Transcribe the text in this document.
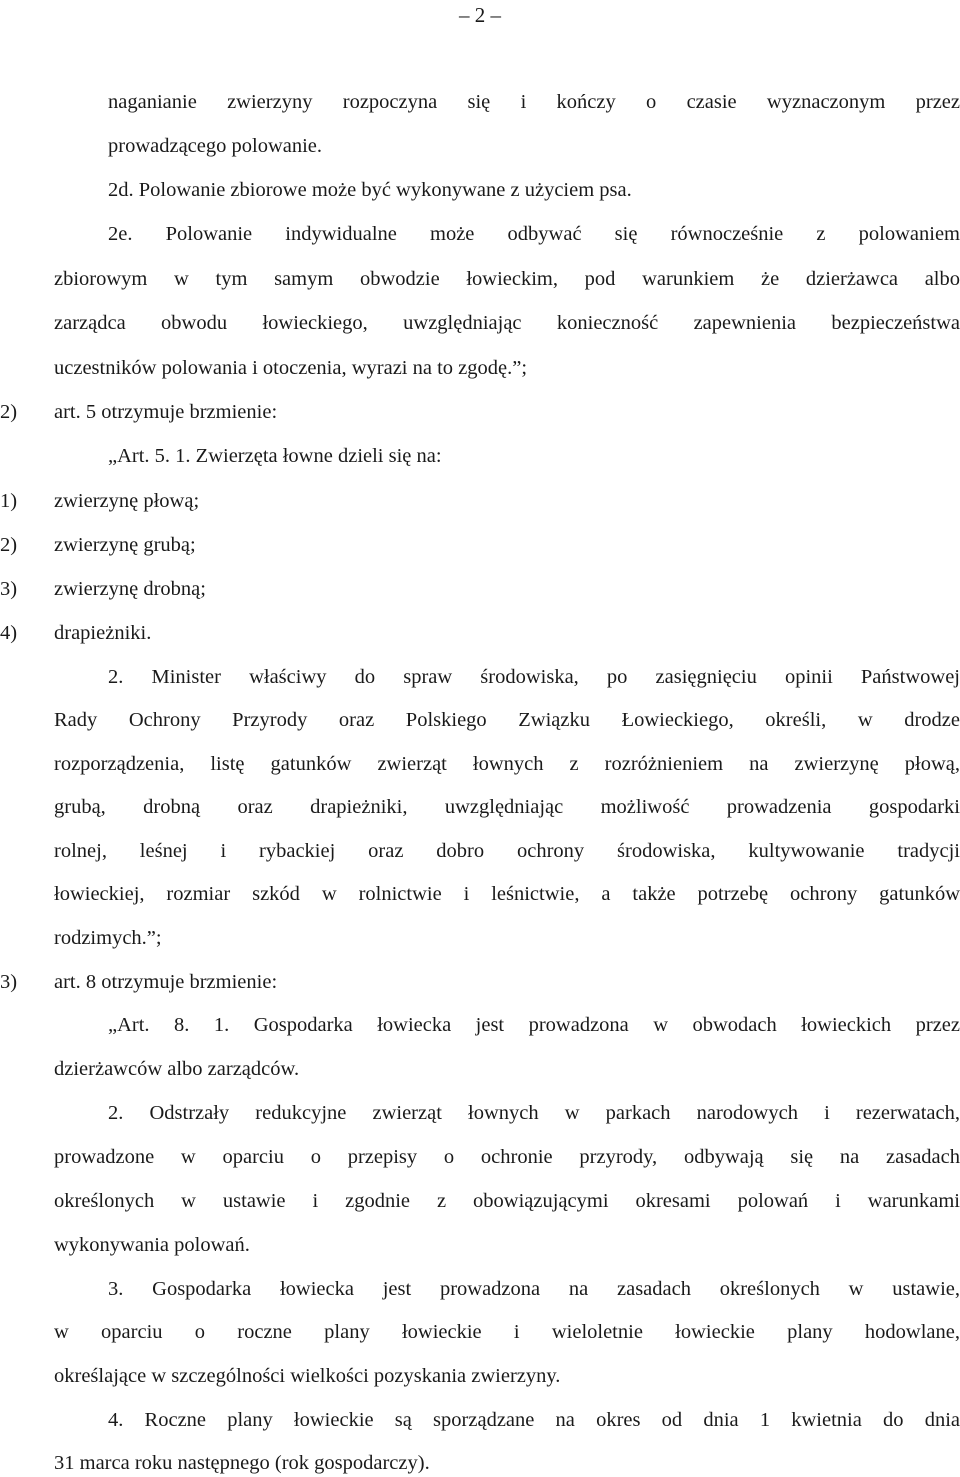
– 2 –
naganianie zwierzyny rozpoczyna się i kończy o czasie wyznaczonym przez
prowadzącego polowanie.
2d. Polowanie zbiorowe może być wykonywane z użyciem psa.
2e. Polowanie indywidualne może odbywać się równocześnie z polowaniem
zbiorowym w tym samym obwodzie łowieckim, pod warunkiem że dzierżawca albo
zarządca obwodu łowieckiego, uwzględniając konieczność zapewnienia bezpieczeństwa
uczestników polowania i otoczenia, wyrazi na to zgodę.”;
2) art. 5 otrzymuje brzmienie:
„Art. 5. 1. Zwierzęta łowne dzieli się na:
1) zwierzynę płową;
2) zwierzynę grubą;
3) zwierzynę drobną;
4) drapieżniki.
2. Minister właściwy do spraw środowiska, po zasięgnięciu opinii Państwowej
Rady Ochrony Przyrody oraz Polskiego Związku Łowieckiego, określi, w drodze
rozporządzenia, listę gatunków zwierząt łownych z rozróżnieniem na zwierzynę płową,
grubą, drobną oraz drapieżniki, uwzględniając możliwość prowadzenia gospodarki
rolnej, leśnej i rybackiej oraz dobro ochrony środowiska, kultywowanie tradycji
łowieckiej, rozmiar szkód w rolnictwie i leśnictwie, a także potrzebę ochrony gatunków
rodzimych.”;
3) art. 8 otrzymuje brzmienie:
„Art. 8. 1. Gospodarka łowiecka jest prowadzona w obwodach łowieckich przez
dzierżawców albo zarządców.
2. Odstrzały redukcyjne zwierząt łownych w parkach narodowych i rezerwatach,
prowadzone w oparciu o przepisy o ochronie przyrody, odbywają się na zasadach
określonych w ustawie i zgodnie z obowiązującymi okresami polowań i warunkami
wykonywania polowań.
3. Gospodarka łowiecka jest prowadzona na zasadach określonych w ustawie,
w oparciu o roczne plany łowieckie i wieloletnie łowieckie plany hodowlane,
określające w szczególności wielkości pozyskania zwierzyny.
4. Roczne plany łowieckie są sporządzane na okres od dnia 1 kwietnia do dnia
31 marca roku następnego (rok gospodarczy).
